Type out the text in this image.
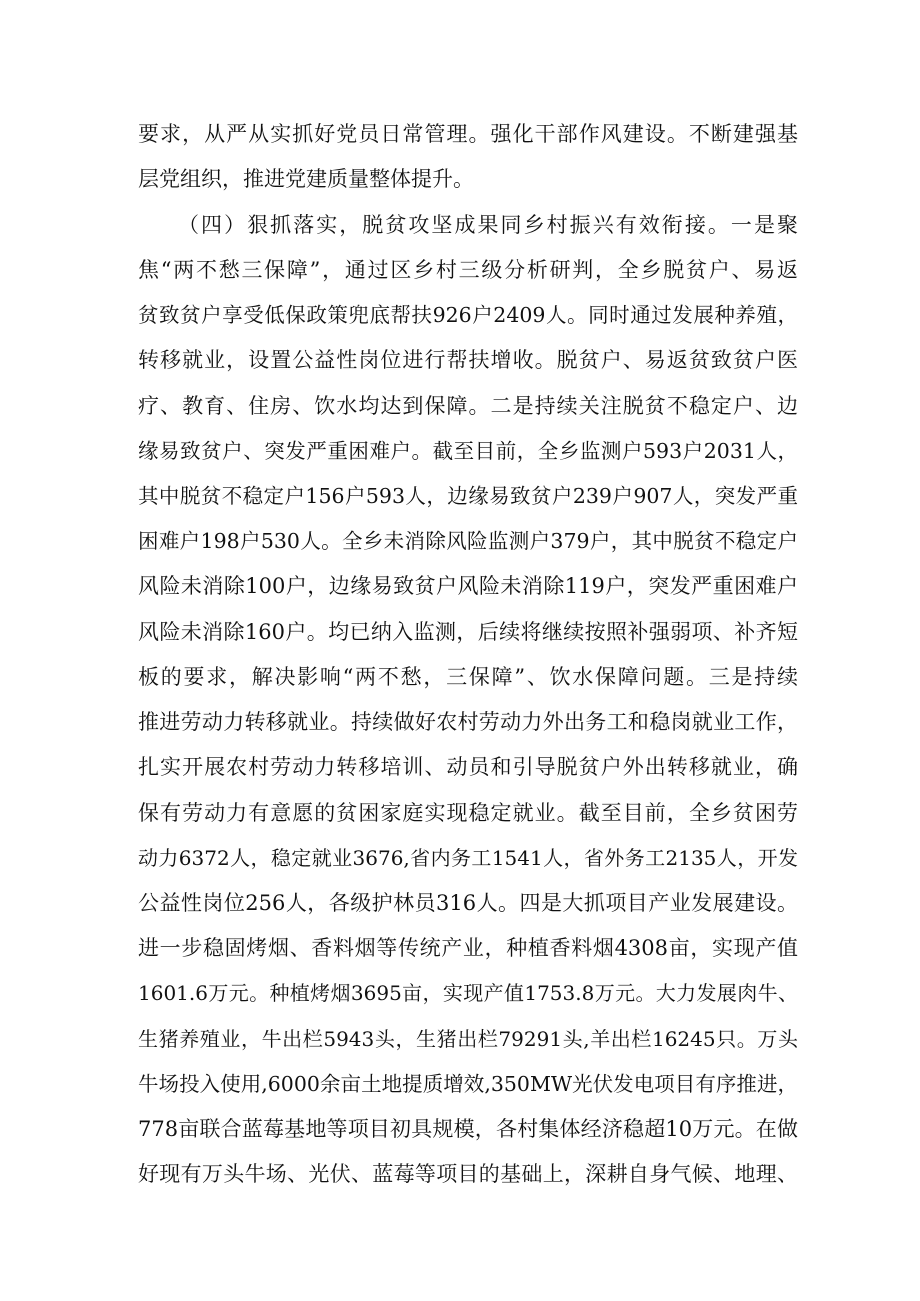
要求，从严从实抓好党员日常管理。强化干部作风建设。不断建强基
层党组织，推进党建质量整体提升。
（四）狠抓落实，脱贫攻坚成果同乡村振兴有效衔接。一是聚
焦“两不愁三保障”，通过区乡村三级分析研判，全乡脱贫户、易返
贫致贫户享受低保政策兜底帮扶926户2409人。同时通过发展种养殖，
转移就业，设置公益性岗位进行帮扶增收。脱贫户、易返贫致贫户医
疗、教育、住房、饮水均达到保障。二是持续关注脱贫不稳定户、边
缘易致贫户、突发严重困难户。截至目前，全乡监测户593户2031人，
其中脱贫不稳定户156户593人，边缘易致贫户239户907人，突发严重
困难户198户530人。全乡未消除风险监测户379户，其中脱贫不稳定户
风险未消除100户，边缘易致贫户风险未消除119户，突发严重困难户
风险未消除160户。均已纳入监测，后续将继续按照补强弱项、补齐短
板的要求，解决影响“两不愁，三保障”、饮水保障问题。三是持续
推进劳动力转移就业。持续做好农村劳动力外出务工和稳岗就业工作，
扎实开展农村劳动力转移培训、动员和引导脱贫户外出转移就业，确
保有劳动力有意愿的贫困家庭实现稳定就业。截至目前，全乡贫困劳
动力6372人，稳定就业3676,省内务工1541人，省外务工2135人，开发
公益性岗位256人，各级护林员316人。四是大抓项目产业发展建设。
进一步稳固烤烟、香料烟等传统产业，种植香料烟4308亩，实现产值
1601.6万元。种植烤烟3695亩，实现产值1753.8万元。大力发展肉牛、
生猪养殖业，牛出栏5943头，生猪出栏79291头,羊出栏16245只。万头
牛场投入使用,6000余亩土地提质增效,350MW光伏发电项目有序推进，
778亩联合蓝莓基地等项目初具规模，各村集体经济稳超10万元。在做
好现有万头牛场、光伏、蓝莓等项目的基础上，深耕自身气候、地理、
